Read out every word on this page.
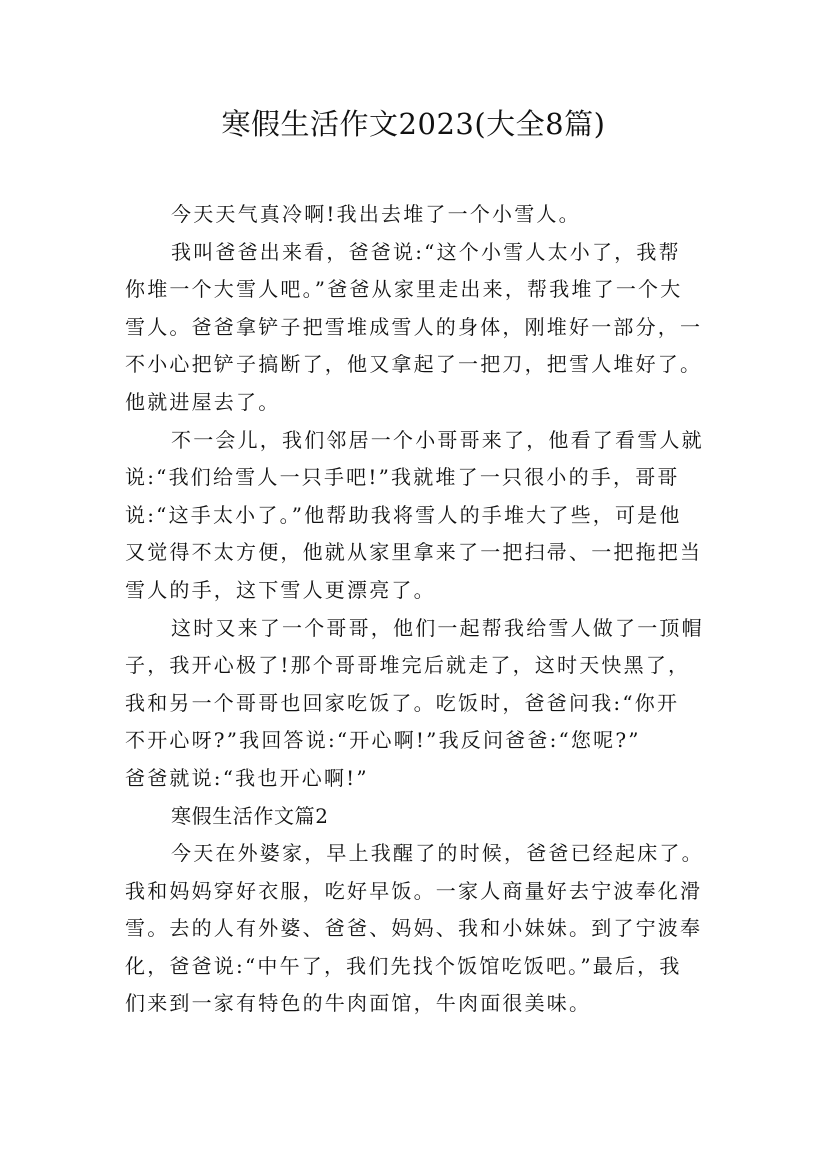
寒假生活作文2023(大全8篇)
今天天气真冷啊!我出去堆了一个小雪人。
我叫爸爸出来看，爸爸说:“这个小雪人太小了，我帮
你堆一个大雪人吧。”爸爸从家里走出来，帮我堆了一个大
雪人。爸爸拿铲子把雪堆成雪人的身体，刚堆好一部分，一
不小心把铲子搞断了，他又拿起了一把刀，把雪人堆好了。
他就进屋去了。
不一会儿，我们邻居一个小哥哥来了，他看了看雪人就
说:“我们给雪人一只手吧!”我就堆了一只很小的手，哥哥
说:“这手太小了。”他帮助我将雪人的手堆大了些，可是他
又觉得不太方便，他就从家里拿来了一把扫帚、一把拖把当
雪人的手，这下雪人更漂亮了。
这时又来了一个哥哥，他们一起帮我给雪人做了一顶帽
子，我开心极了!那个哥哥堆完后就走了，这时天快黑了，
我和另一个哥哥也回家吃饭了。吃饭时，爸爸问我:“你开
不开心呀?”我回答说:“开心啊!”我反问爸爸:“您呢?”
爸爸就说:“我也开心啊!”
寒假生活作文篇2
今天在外婆家，早上我醒了的时候，爸爸已经起床了。
我和妈妈穿好衣服，吃好早饭。一家人商量好去宁波奉化滑
雪。去的人有外婆、爸爸、妈妈、我和小妹妹。到了宁波奉
化，爸爸说:“中午了，我们先找个饭馆吃饭吧。”最后，我
们来到一家有特色的牛肉面馆，牛肉面很美味。
